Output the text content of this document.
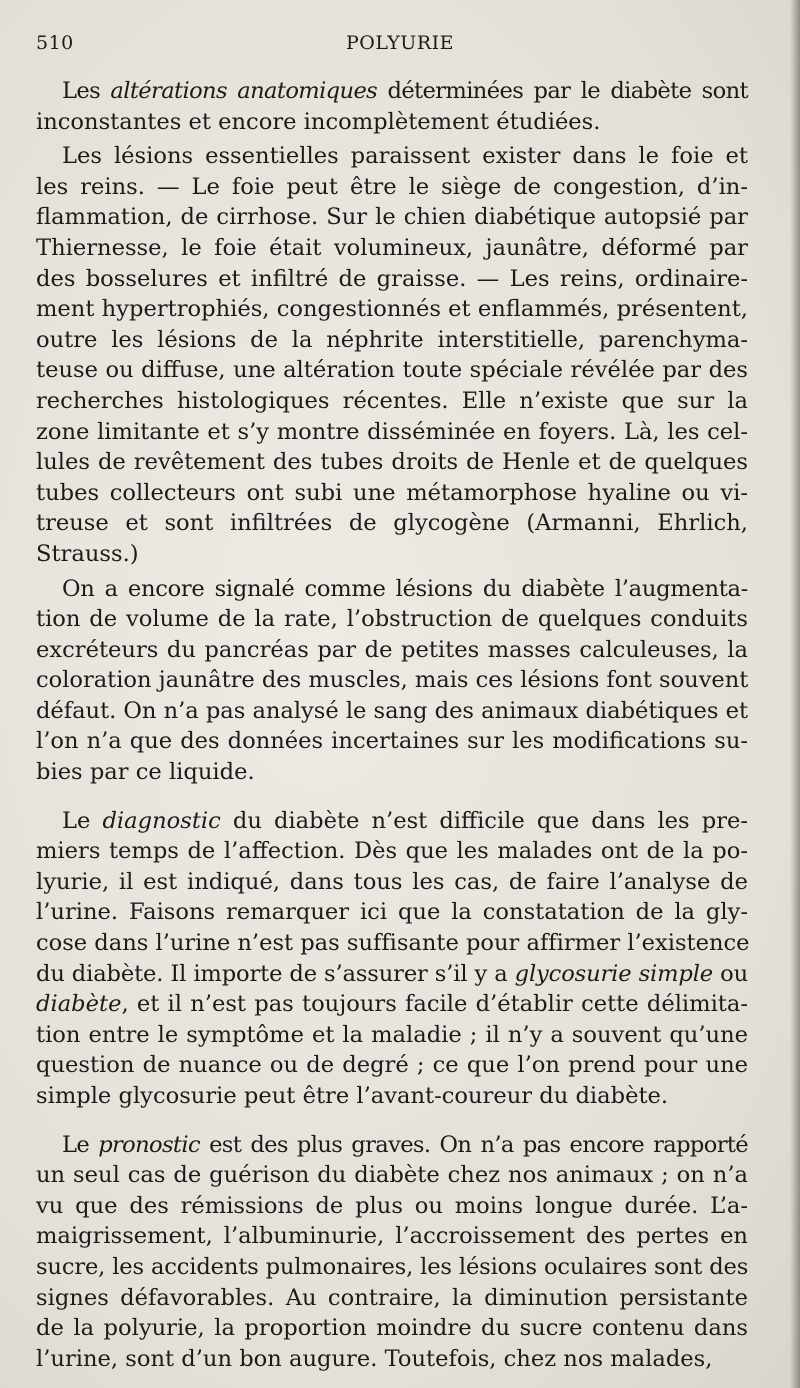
510	POLYURIE

Les altérations anatomiques déterminées par le diabète sont
inconstantes et encore incomplètement étudiées.

Les lésions essentielles paraissent exister dans le foie et
les reins. — Le foie peut être le siège de congestion, d’in-
flammation, de cirrhose. Sur le chien diabétique autopsié par
Thiernesse, le foie était volumineux, jaunâtre, déformé par
des bosselures et infiltré de graisse. — Les reins, ordinaire-
ment hypertrophiés, congestionnés et enflammés, présentent,
outre les lésions de la néphrite interstitielle, parenchyma-
teuse ou diffuse, une altération toute spéciale révélée par des
recherches histologiques récentes. Elle n’existe que sur la
zone limitante et s’y montre disséminée en foyers. Là, les cel-
lules de revêtement des tubes droits de Henle et de quelques
tubes collecteurs ont subi une métamorphose hyaline ou vi-
treuse et sont infiltrées de glycogène (Armanni, Ehrlich,
Strauss.)

On a encore signalé comme lésions du diabète l’augmenta-
tion de volume de la rate, l’obstruction de quelques conduits
excréteurs du pancréas par de petites masses calculeuses, la
coloration jaunâtre des muscles, mais ces lésions font souvent
défaut. On n’a pas analysé le sang des animaux diabétiques et
l’on n’a que des données incertaines sur les modifications su-
bies par ce liquide.

Le diagnostic du diabète n’est difficile que dans les pre-
miers temps de l’affection. Dès que les malades ont de la po-
lyurie, il est indiqué, dans tous les cas, de faire l’analyse de
l’urine. Faisons remarquer ici que la constatation de la gly-
cose dans l’urine n’est pas suffisante pour affirmer l’existence
du diabète. Il importe de s’assurer s’il y a glycosurie simple ou
diabète, et il n’est pas toujours facile d’établir cette délimita-
tion entre le symptôme et la maladie ; il n’y a souvent qu’une
question de nuance ou de degré ; ce que l’on prend pour une
simple glycosurie peut être l’avant-coureur du diabète.

Le pronostic est des plus graves. On n’a pas encore rapporté
un seul cas de guérison du diabète chez nos animaux ; on n’a
vu que des rémissions de plus ou moins longue durée. L’a-
maigrissement, l’albuminurie, l’accroissement des pertes en
sucre, les accidents pulmonaires, les lésions oculaires sont des
signes défavorables. Au contraire, la diminution persistante
de la polyurie, la proportion moindre du sucre contenu dans
l’urine, sont d’un bon augure. Toutefois, chez nos malades,
